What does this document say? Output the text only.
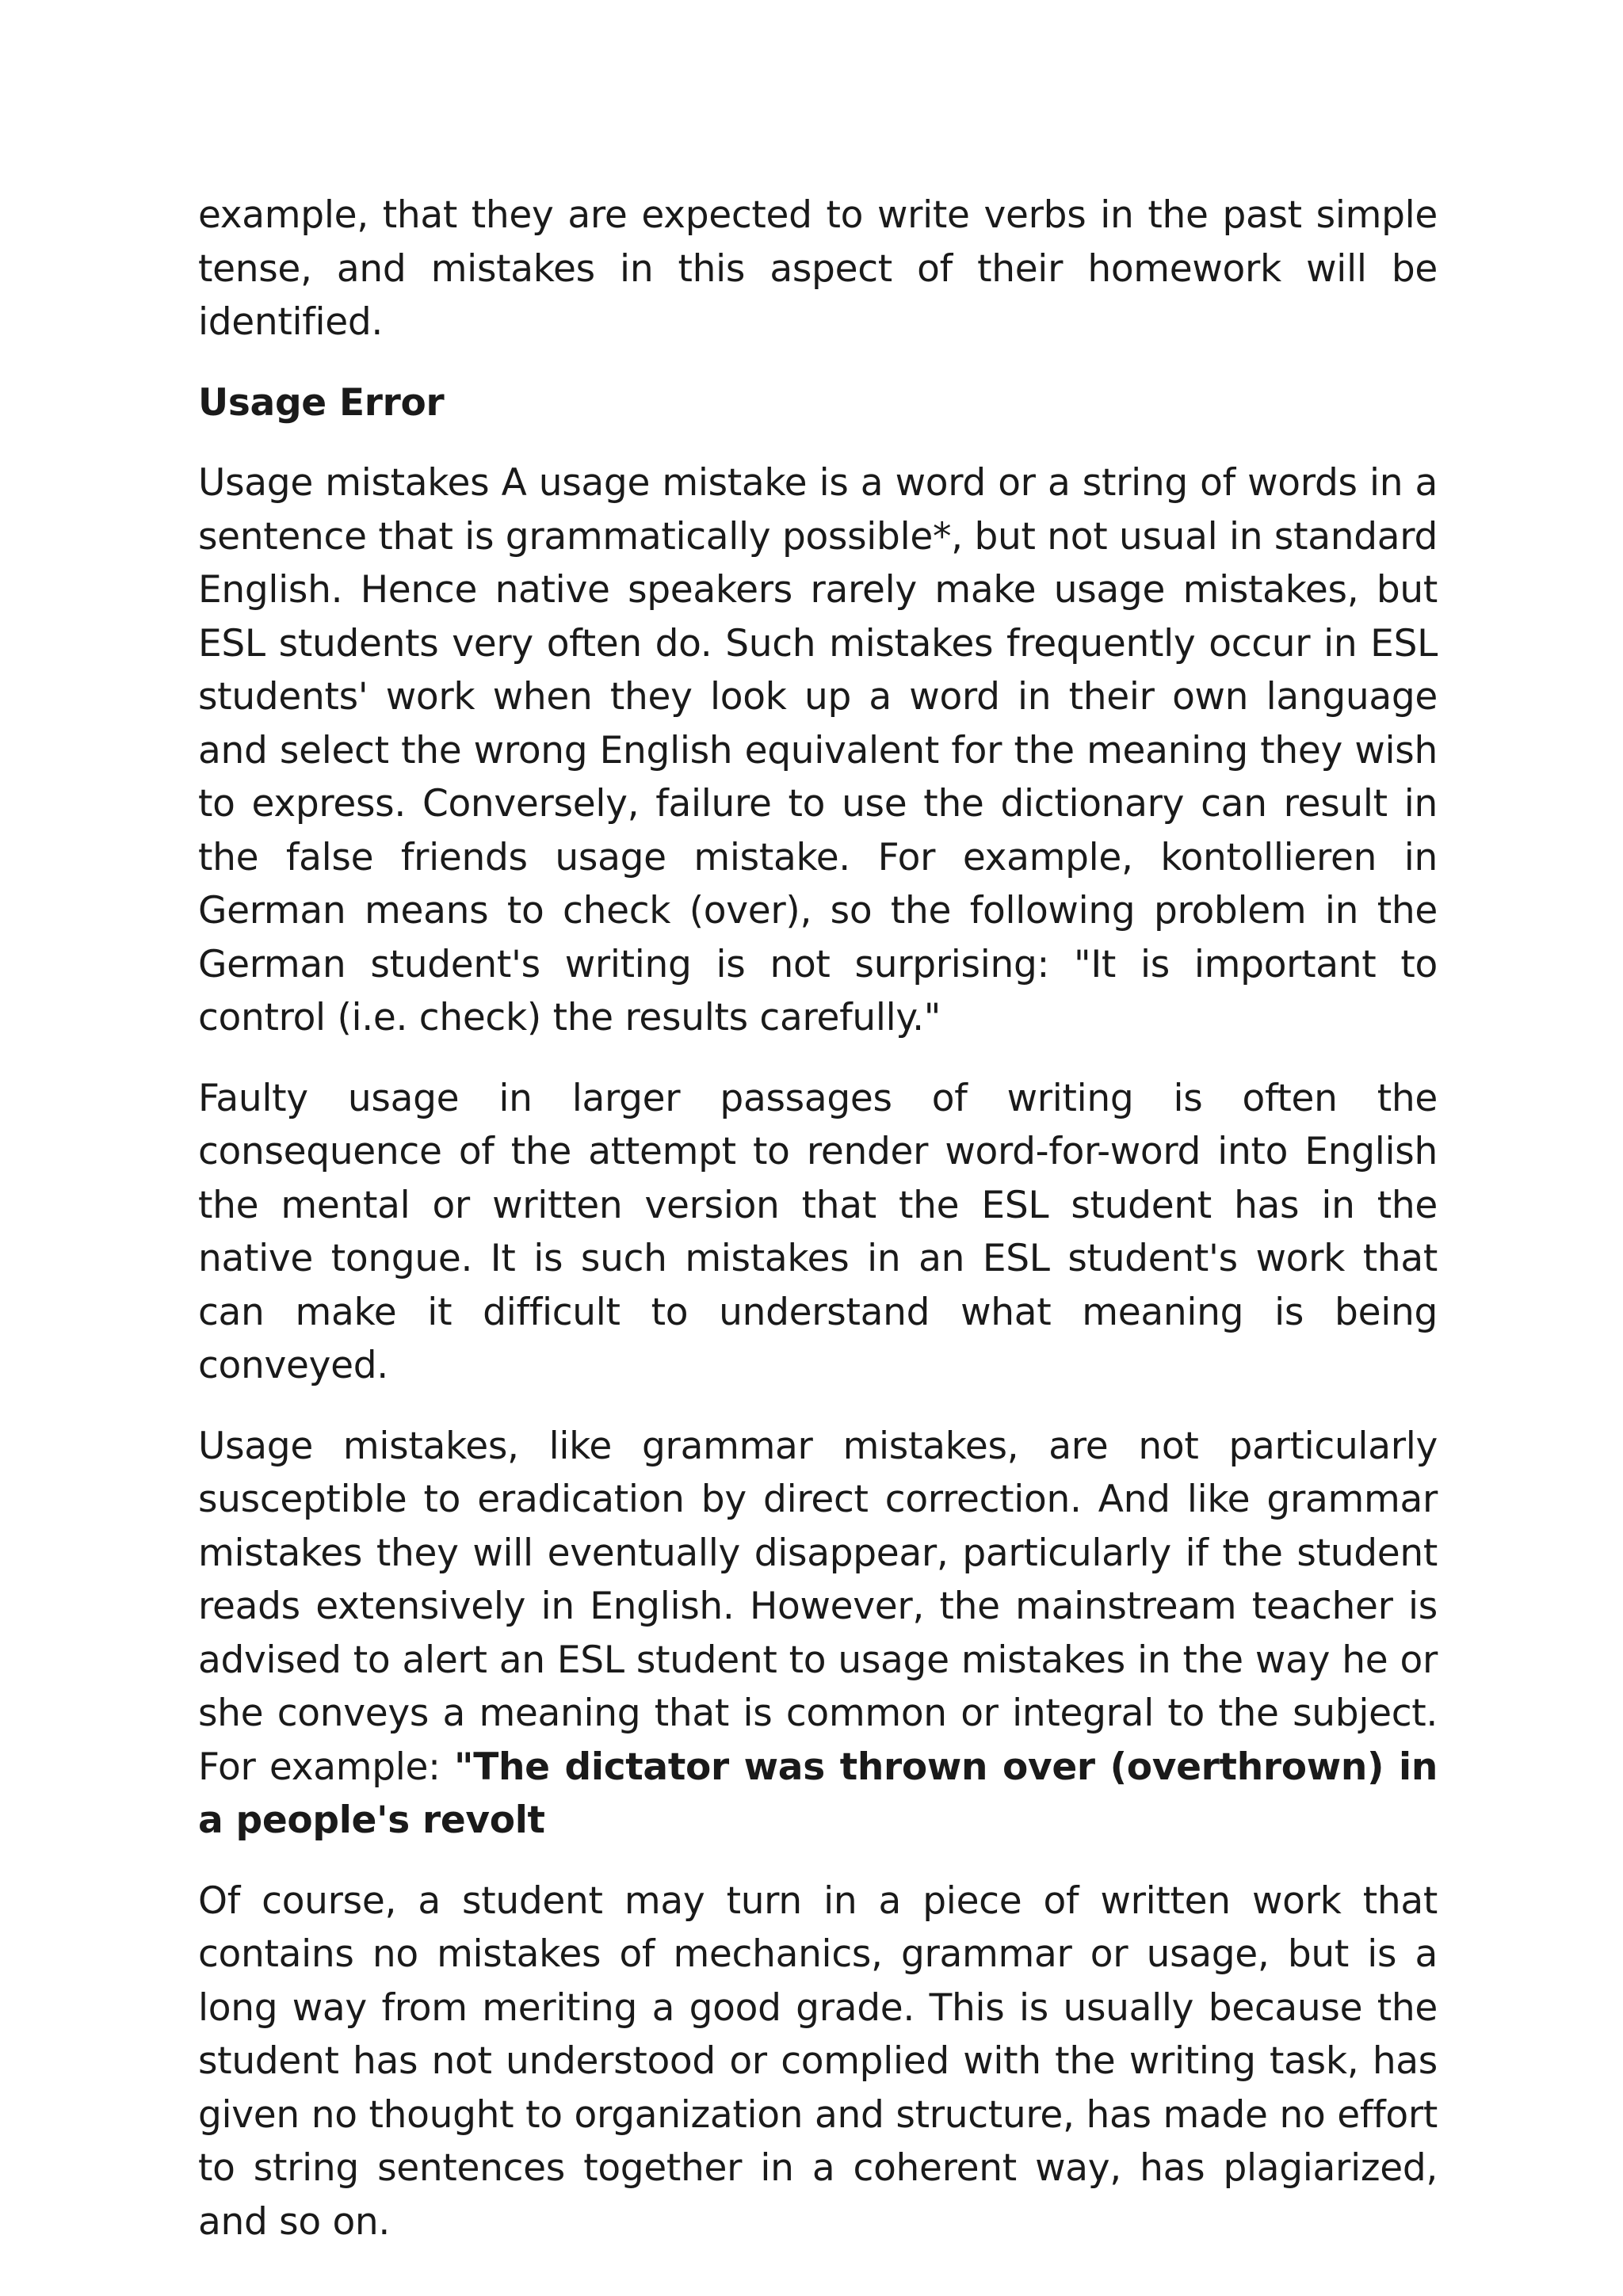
example, that they are expected to write verbs in the past simple tense, and mistakes in this aspect of their homework will be identified.

Usage Error

Usage mistakes A usage mistake is a word or a string of words in a sentence that is grammatically possible*, but not usual in standard English. Hence native speakers rarely make usage mistakes, but ESL students very often do. Such mistakes frequently occur in ESL students' work when they look up a word in their own language and select the wrong English equivalent for the meaning they wish to express. Conversely, failure to use the dictionary can result in the false friends usage mistake. For example, kontollieren in German means to check (over), so the following problem in the German student's writing is not surprising: "It is important to control (i.e. check) the results carefully."

Faulty usage in larger passages of writing is often the consequence of the attempt to render word-for-word into English the mental or written version that the ESL student has in the native tongue. It is such mistakes in an ESL student's work that can make it difficult to understand what meaning is being conveyed.

Usage mistakes, like grammar mistakes, are not particularly susceptible to eradication by direct correction. And like grammar mistakes they will eventually disappear, particularly if the student reads extensively in English. However, the mainstream teacher is advised to alert an ESL student to usage mistakes in the way he or she conveys a meaning that is common or integral to the subject. For example: "The dictator was thrown over (overthrown) in a people's revolt

Of course, a student may turn in a piece of written work that contains no mistakes of mechanics, grammar or usage, but is a long way from meriting a good grade. This is usually because the student has not understood or complied with the writing task, has given no thought to organization and structure, has made no effort to string sentences together in a coherent way, has plagiarized, and so on.
